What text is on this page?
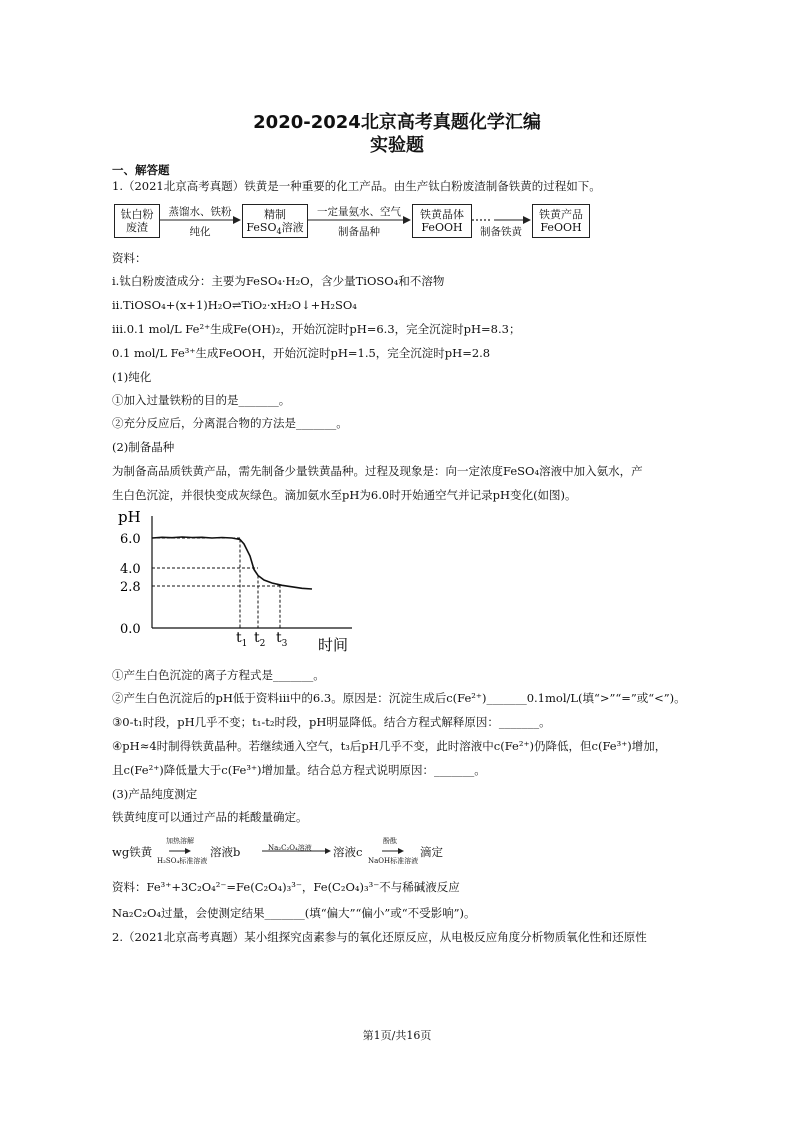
2020-2024北京高考真题化学汇编
实验题
一、解答题
1.（2021北京高考真题）铁黄是一种重要的化工产品。由生产钛白粉废渣制备铁黄的过程如下。
钛白粉
废渣
蒸馏水、铁粉
纯化
精制
FeSO$_4$溶液
一定量氨水、空气
制备晶种
铁黄晶体
FeOOH	制备铁黄
铁黄产品
FeOOH
资料：
i.钛白粉废渣成分：主要为FeSO₄·H₂O，含少量TiOSO₄和不溶物
ii.TiOSO₄+(x+1)H₂O⇌TiO₂·xH₂O↓+H₂SO₄
iii.0.1 mol/L Fe²⁺生成Fe(OH)₂，开始沉淀时pH=6.3，完全沉淀时pH=8.3；
0.1 mol/L Fe³⁺生成FeOOH，开始沉淀时pH=1.5，完全沉淀时pH=2.8
(1)纯化
①加入过量铁粉的目的是_______。
②充分反应后，分离混合物的方法是_______。
(2)制备晶种
为制备高品质铁黄产品，需先制备少量铁黄晶种。过程及现象是：向一定浓度FeSO₄溶液中加入氨水，产
生白色沉淀，并很快变成灰绿色。滴加氨水至pH为6.0时开始通空气并记录pH变化(如图)。
pH
时间
6.0
4.0
2.8
0.0
$t_1$ $t_2$ $t_3$
①产生白色沉淀的离子方程式是_______。
②产生白色沉淀后的pH低于资料iii中的6.3。原因是：沉淀生成后c(Fe²⁺)_______0.1mol/L(填“>”“=”或“<”)。
③0-t₁时段，pH几乎不变；t₁-t₂时段，pH明显降低。结合方程式解释原因：_______。
④pH≈4时制得铁黄晶种。若继续通入空气，t₃后pH几乎不变，此时溶液中c(Fe²⁺)仍降低，但c(Fe³⁺)增加，
且c(Fe²⁺)降低量大于c(Fe³⁺)增加量。结合总方程式说明原因：_______。
(3)产品纯度测定
铁黄纯度可以通过产品的耗酸量确定。
wg铁黄
加热溶解
H₂SO₄标准溶液
溶液b	Na₂C₂O₄溶液 溶液c
酚酞
NaOH标准溶液
滴定
资料：Fe³⁺+3C₂O₄²⁻=Fe(C₂O₄)₃³⁻，Fe(C₂O₄)₃³⁻不与稀碱液反应
Na₂C₂O₄过量，会使测定结果_______(填“偏大”“偏小”或“不受影响”)。
2.（2021北京高考真题）某小组探究卤素参与的氧化还原反应，从电极反应角度分析物质氧化性和还原性
第1页/共16页
